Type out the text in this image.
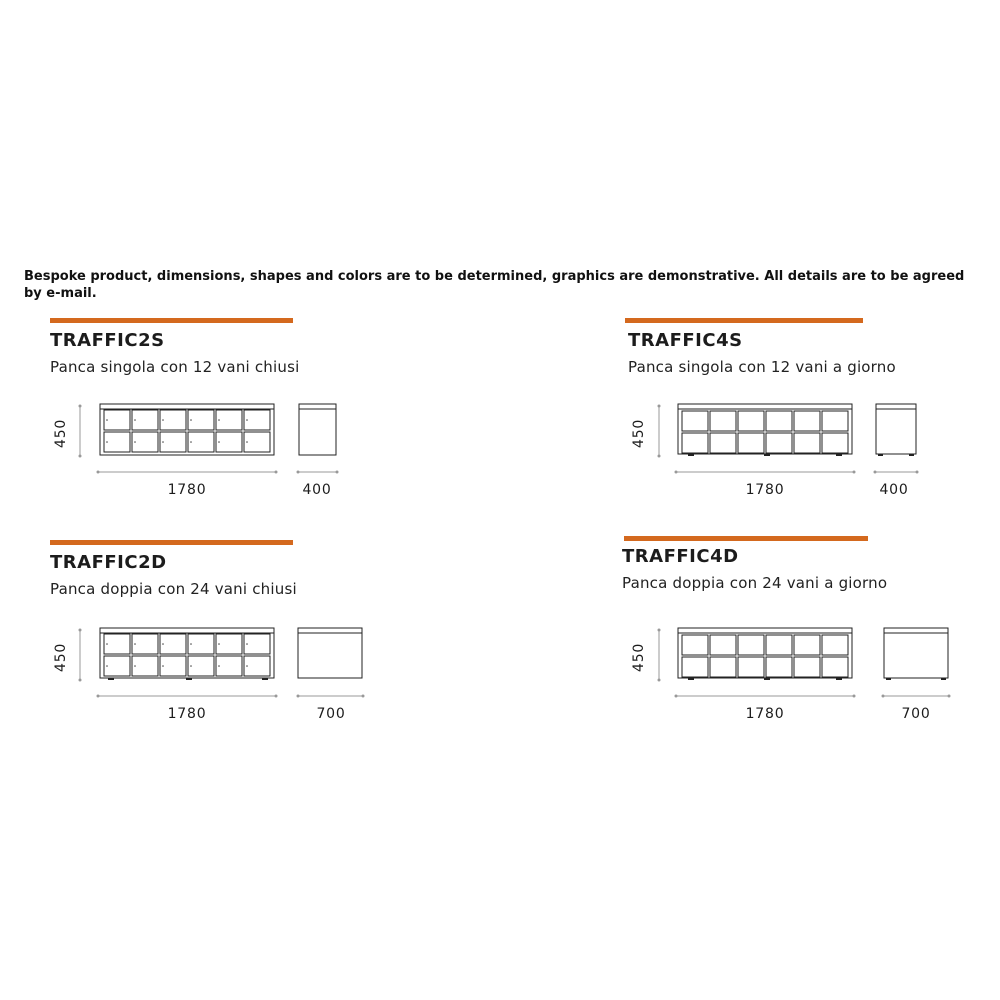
Bespoke product, dimensions, shapes and colors are to be determined, graphics are demonstrative. All details are to be agreed by e-mail.
TRAFFIC2S
Panca singola con 12 vani chiusi
450
1780	400
TRAFFIC4S
Panca singola con 12 vani a giorno
450
1780	400
TRAFFIC2D
Panca doppia con 24 vani chiusi
450
1780	700
TRAFFIC4D
Panca doppia con 24 vani a giorno
450
1780	700
